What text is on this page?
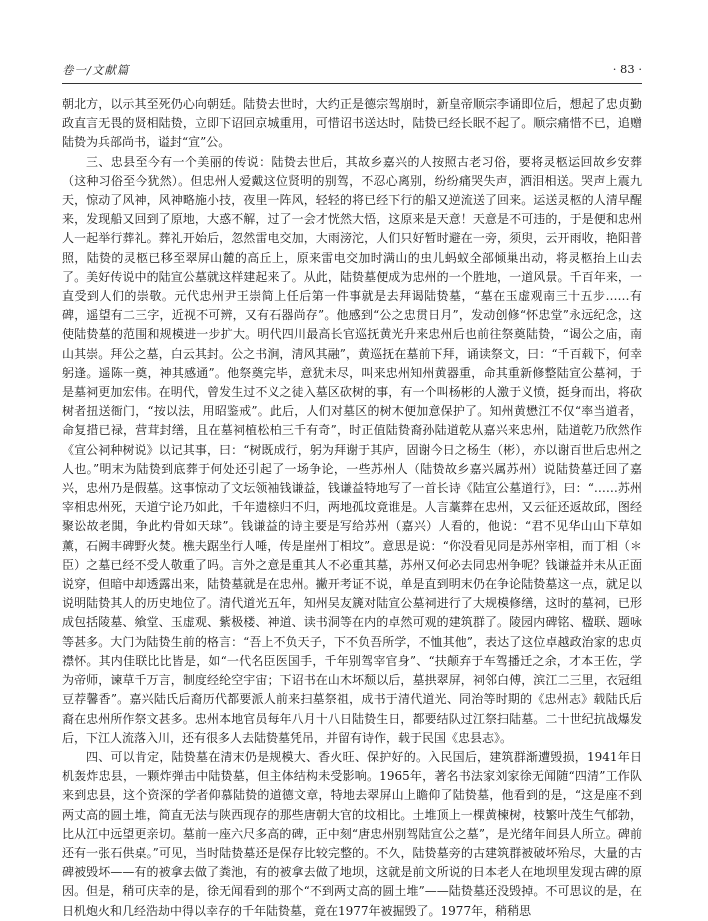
卷一/文献篇	· 83 ·

朝北方，以示其至死仍心向朝廷。陆贽去世时，大约正是德宗驾崩时，新皇帝顺宗李诵即位后，想起了忠贞勤政直言无畏的贤相陆贽，立即下诏回京城重用，可惜诏书送达时，陆贽已经长眠不起了。顺宗痛惜不已，追赠陆贽为兵部尚书，谥封“宣”公。

三、忠县至今有一个美丽的传说：陆贽去世后，其故乡嘉兴的人按照古老习俗，要将灵柩运回故乡安葬（这种习俗至今犹然）。但忠州人爱戴这位贤明的别驾，不忍心离别，纷纷痛哭失声，洒泪相送。哭声上震九天，惊动了风神，风神略施小技，夜里一阵风，轻轻的将已经下行的船又逆流送了回来。运送灵柩的人清早醒来，发现船又回到了原地，大惑不解，过了一会才恍然大悟，这原来是天意！天意是不可违的，于是便和忠州人一起举行葬礼。葬礼开始后，忽然雷电交加，大雨滂沱，人们只好暂时避在一旁，须臾，云开雨收，艳阳普照，陆贽的灵柩已移至翠屏山麓的高丘上，原来雷电交加时满山的虫儿蚂蚁全部倾巢出动，将灵柩抬上山去了。美好传说中的陆宣公墓就这样建起来了。从此，陆贽墓便成为忠州的一个胜地，一道风景。千百年来，一直受到人们的崇敬。元代忠州尹王崇简上任后第一件事就是去拜谒陆贽墓，“墓在玉虚观南三十五步……有碑，遥望有二三字，近视不可辨，又有石器尚存”。他感到“公之忠贯日月”，发动创修“怀忠堂”永远纪念，这使陆贽墓的范围和规模进一步扩大。明代四川最高长官巡抚黄光升来忠州后也前往祭奠陆贽，“谒公之庙，南山其崇。拜公之墓，白云其封。公之书涧，清风其融”，黄巡抚在墓前下拜，诵读祭文，曰：“千百载下，何幸躬逢。遥陈一奠，神其感通”。他祭奠完毕，意犹未尽，叫来忠州知州黄器重，命其重新修整陆宣公墓祠，于是墓祠更加宏伟。在明代，曾发生过不义之徒入墓区砍树的事，有一个叫杨彬的人激于义愤，挺身而出，将砍树者扭送衙门，“按以法，用昭鉴戒”。此后，人们对墓区的树木便加意保护了。知州黄懋江不仅“率当道者，命复措已禄，营茸封缮，且在墓祠植松柏三千有奇”，时正值陆贽裔孙陆道乾从嘉兴来忠州，陆道乾乃欣然作《宣公祠种树说》以记其事，曰：“树既成行，躬为拜谢于其庐，固谢今日之杨生（彬），亦以谢百世后忠州之人也。”明末为陆贽到底葬于何处还引起了一场争论，一些苏州人（陆贽故乡嘉兴属苏州）说陆贽墓迁回了嘉兴，忠州乃是假墓。这事惊动了文坛领袖钱谦益，钱谦益特地写了一首长诗《陆宣公墓道行》，曰：“……苏州宰相忠州死，天道宁论乃如此，千年遗榇归不归，两地孤坟竟谁是。人言藁葬在忠州，又云征还返故邱，图经聚讼故老閧，争此杓骨如天球”。钱谦益的诗主要是写给苏州（嘉兴）人看的，他说：“君不见华山山下草如薰，石阙丰碑野火焚。樵夫踞坐行人唾，传是崖州丁相坟”。意思是说：“你没看见同是苏州宰相，而丁相（＊臣）之墓已经不受人敬重了吗。言外之意是重其人不必重其墓，苏州又何必去同忠州争呢？钱谦益并未从正面说穿，但暗中却透露出来，陆贽墓就是在忠州。撇开考证不说，单是直到明末仍在争论陆贽墓这一点，就足以说明陆贽其人的历史地位了。清代道光五年，知州吴友篪对陆宣公墓祠进行了大规模修缮，这时的墓祠，已形成包括陵墓、飨堂、玉虚观、紫极楼、神道、读书洞等在内的卓然可观的建筑群了。陵园内碑铭、楹联、题咏等甚多。大门为陆贽生前的格言：“吾上不负天子，下不负吾所学，不恤其他”，表达了这位卓越政治家的忠贞襟怀。其内佳联比比皆是，如“一代名臣医国手，千年别驾宰官身”、“扶颠弃于车驾播迁之余，才本王佐，学为帝师，谏草千万言，制度经纶空宇宙；下诏书在山木坏颓以后，墓拱翠屏，祠邻白傅，滨江二三里，衣冠组豆荐馨香”。嘉兴陆氏后裔历代都要派人前来扫墓祭祖，成书于清代道光、同治等时期的《忠州志》载陆氏后裔在忠州所作祭文甚多。忠州本地官员每年八月十八日陆贽生日，都要结队过江祭扫陆墓。二十世纪抗战爆发后，下江人流落入川，还有很多人去陆贽墓凭吊，并留有诗作，载于民国《忠县志》。

四、可以肯定，陆贽墓在清末仍是规模大、香火旺、保护好的。入民国后，建筑群渐遭毁损，1941年日机轰炸忠县，一颗炸弹击中陆贽墓，但主体结构未受影响。1965年，著名书法家刘家徐无闻随“四清”工作队来到忠县，这个资深的学者仰慕陆贽的道德文章，特地去翠屏山上瞻仰了陆贽墓，他看到的是，“这是座不到两丈高的圆土堆，简直无法与陕西现存的那些唐朝大官的坟相比。土堆顶上一棵黄楝树，枝繁叶茂生气郁勃，比从江中远望更亲切。墓前一座六尺多高的碑，正中刻“唐忠州别驾陆宣公之墓”，是光绪年间县人所立。碑前还有一张石供桌。”可见，当时陆贽墓还是保存比较完整的。不久，陆贽墓旁的古建筑群被破坏殆尽，大量的古碑被毁坏——有的被拿去做了粪池，有的被拿去做了地坝，这就是前文所说的日本老人在地坝里发现古碑的原因。但是，稍可庆幸的是，徐无闻看到的那个“不到两丈高的圆土堆”——陆贽墓还没毁掉。不可思议的是，在日机炮火和几经浩劫中得以幸存的千年陆贽墓，竟在1977年被掘毁了。1977年，稍稍思
